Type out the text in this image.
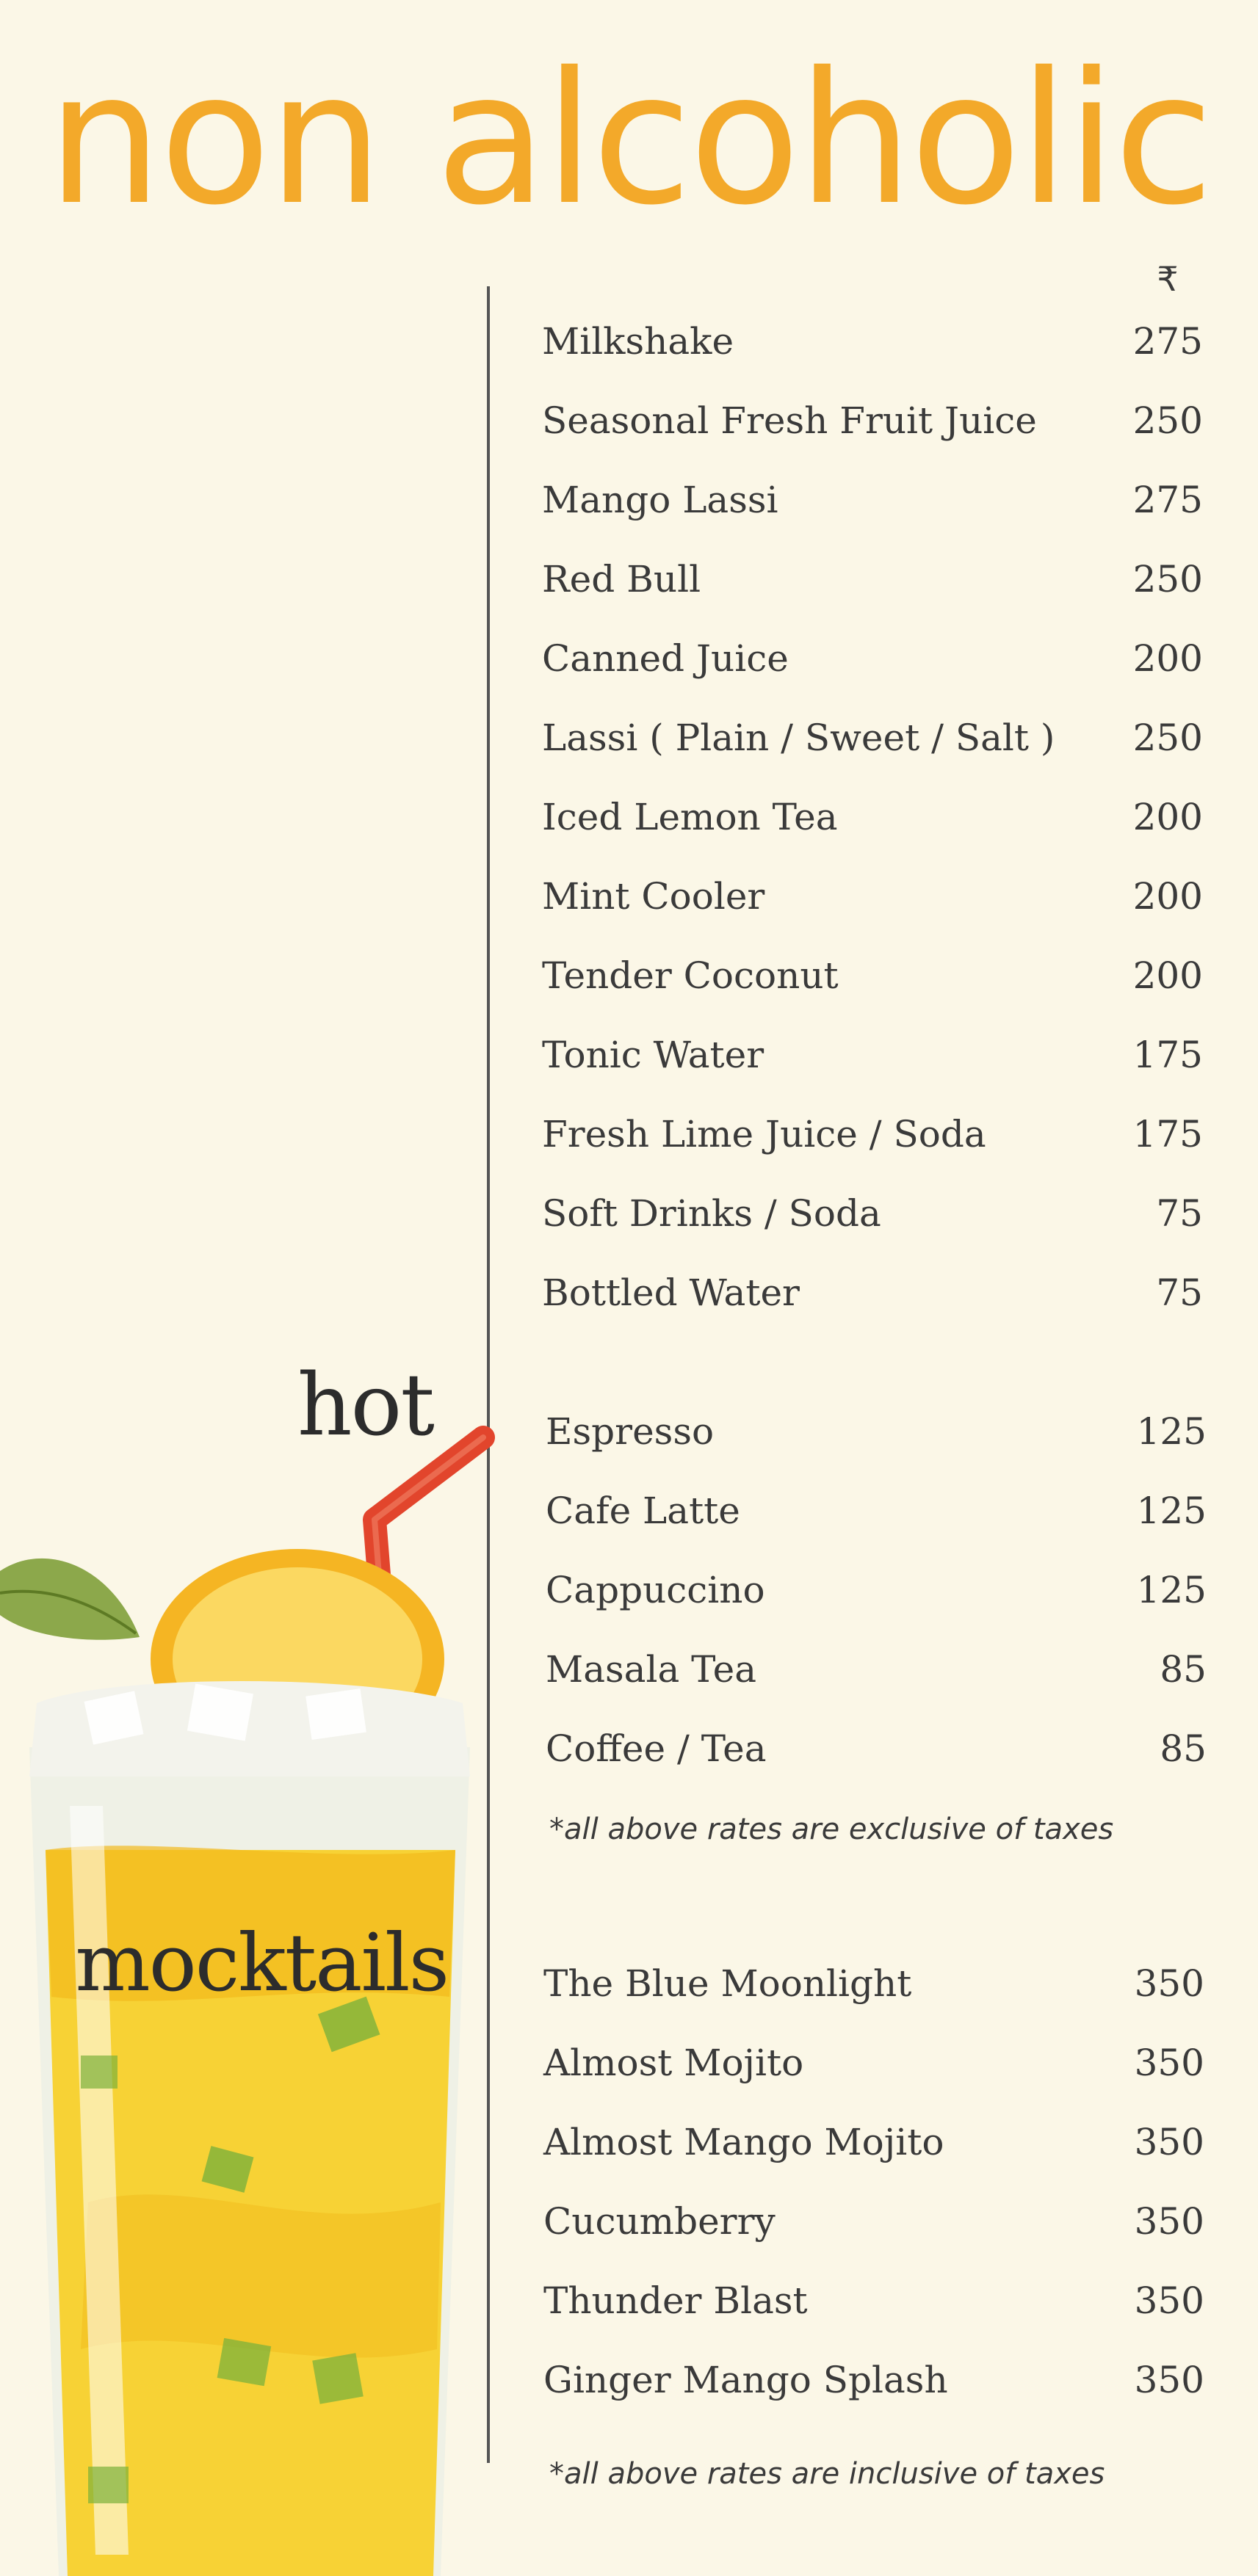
non alcoholic
₹
hot
mocktails
Milkshake	275
Seasonal Fresh Fruit Juice	250
Mango Lassi	275
Red Bull	250
Canned Juice	200
Lassi ( Plain / Sweet / Salt ) 250
Iced Lemon Tea	200
Mint Cooler	200
Tender Coconut	200
Tonic Water	175
Fresh Lime Juice / Soda	175
Soft Drinks / Soda	75
Bottled Water	75
Espresso	125
Cafe Latte	125
Cappuccino	125
Masala Tea	85
Coffee / Tea	85
*all above rates are exclusive of taxes
The Blue Moonlight	350
Almost Mojito	350
Almost Mango Mojito	350
Cucumberry	350
Thunder Blast	350
Ginger Mango Splash	350
*all above rates are inclusive of taxes
